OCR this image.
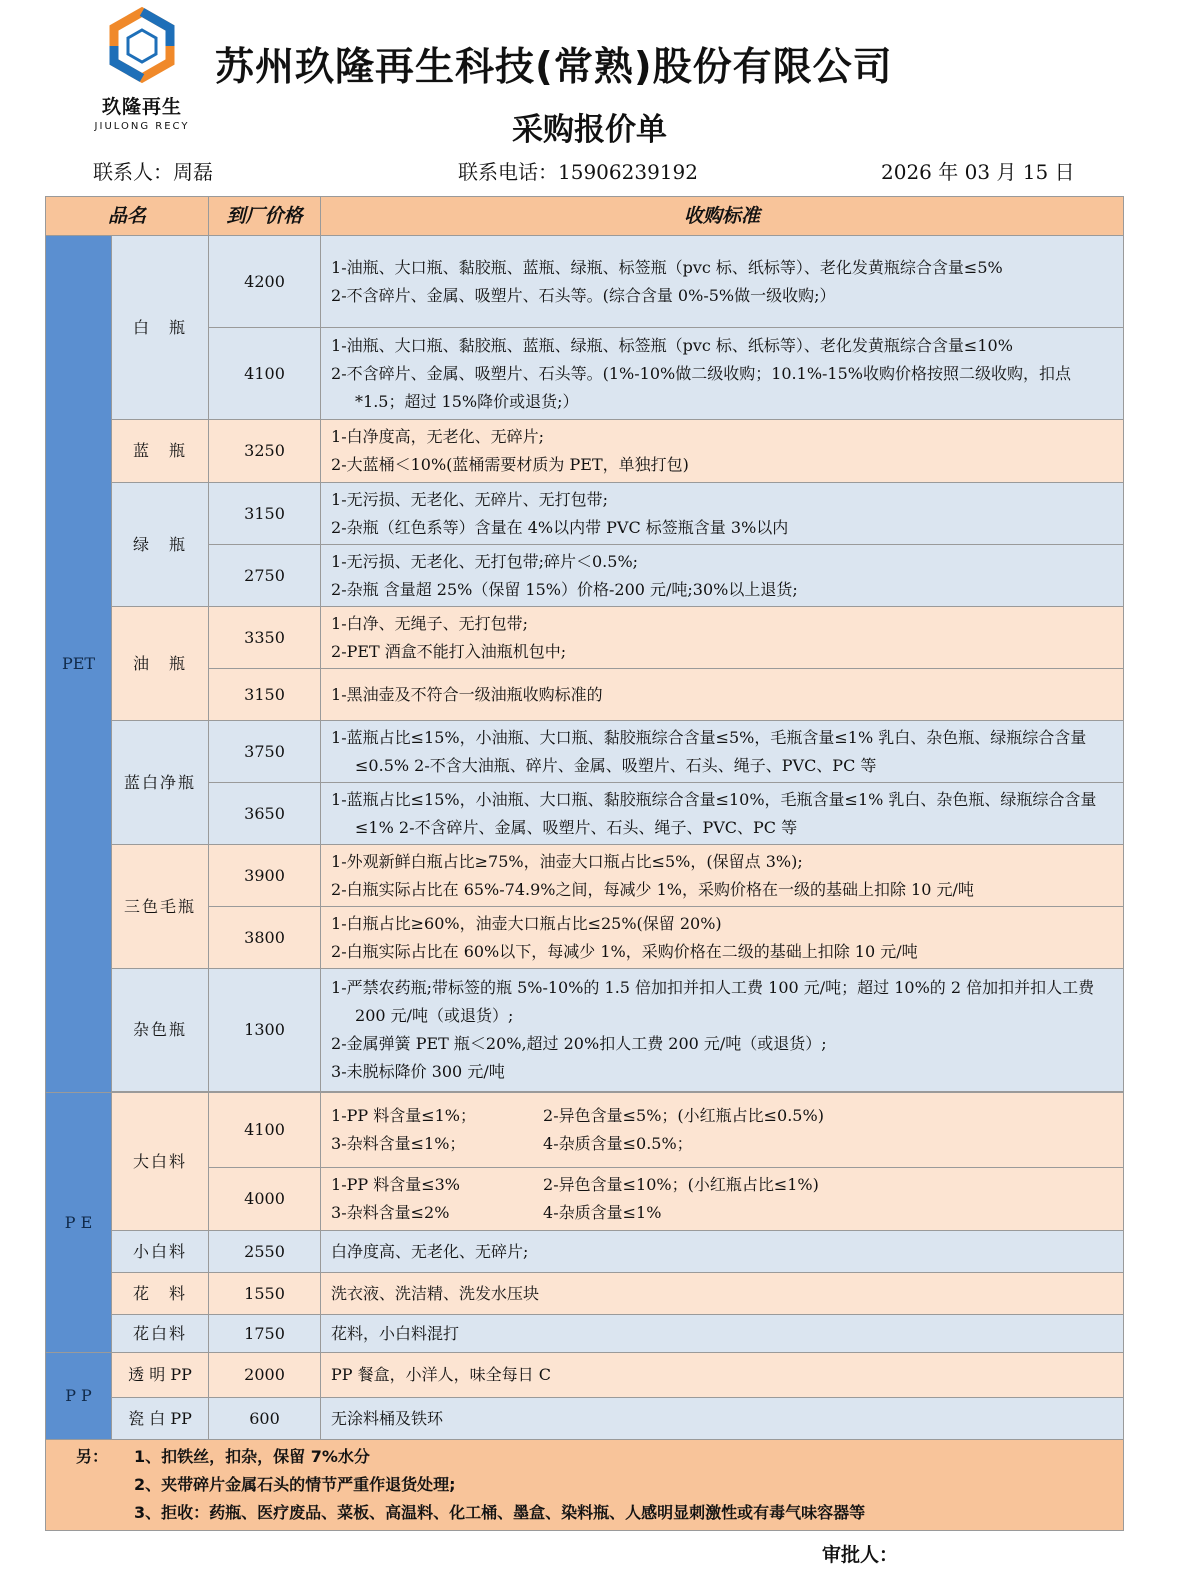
玖隆再生
JIULONG RECY
苏州玖隆再生科技(常熟)股份有限公司
采购报价单
联系人：周磊	联系电话：15906239192	2026 年 03 月 15 日
品名		到厂价格	收购标准
PET	白　瓶	4200	1-油瓶、大口瓶、黏胶瓶、蓝瓶、绿瓶、标签瓶（pvc 标、纸标等）、老化发黄瓶综合含量≤5%
2-不含碎片、金属、吸塑片、石头等。(综合含量 0%-5%做一级收购;）

		4100	1-油瓶、大口瓶、黏胶瓶、蓝瓶、绿瓶、标签瓶（pvc 标、纸标等）、老化发黄瓶综合含量≤10%
2-不含碎片、金属、吸塑片、石头等。(1%-10%做二级收购；10.1%-15%收购价格按照二级收购，扣点*1.5；超过 15%降价或退货;）

	蓝　瓶	3250	1-白净度高，无老化、无碎片;
2-大蓝桶＜10%(蓝桶需要材质为 PET，单独打包)

	绿　瓶	3150	1-无污损、无老化、无碎片、无打包带;
2-杂瓶（红色系等）含量在 4%以内带 PVC 标签瓶含量 3%以内

		2750	1-无污损、无老化、无打包带;碎片＜0.5%;
2-杂瓶 含量超 25%（保留 15%）价格-200 元/吨;30%以上退货;

	油　瓶	3350	1-白净、无绳子、无打包带;
2-PET 酒盒不能打入油瓶机包中;

		3150	1-黑油壶及不符合一级油瓶收购标准的

	蓝白净瓶	3750	1-蓝瓶占比≤15%，小油瓶、大口瓶、黏胶瓶综合含量≤5%，毛瓶含量≤1% 乳白、杂色瓶、绿瓶综合含量≤0.5% 2-不含大油瓶、碎片、金属、吸塑片、石头、绳子、PVC、PC 等

		3650	1-蓝瓶占比≤15%，小油瓶、大口瓶、黏胶瓶综合含量≤10%，毛瓶含量≤1% 乳白、杂色瓶、绿瓶综合含量≤1% 2-不含碎片、金属、吸塑片、石头、绳子、PVC、PC 等

	三色毛瓶	3900	1-外观新鲜白瓶占比≥75%，油壶大口瓶占比≤5%，(保留点 3%);
2-白瓶实际占比在 65%-74.9%之间，每减少 1%，采购价格在一级的基础上扣除 10 元/吨

		3800	1-白瓶占比≥60%，油壶大口瓶占比≤25%(保留 20%)
2-白瓶实际占比在 60%以下，每减少 1%，采购价格在二级的基础上扣除 10 元/吨

	杂色瓶	1300	1-严禁农药瓶;带标签的瓶 5%-10%的 1.5 倍加扣并扣人工费 100 元/吨；超过 10%的 2 倍加扣并扣人工费 200 元/吨（或退货）;
2-金属弹簧 PET 瓶＜20%,超过 20%扣人工费 200 元/吨（或退货）;
3-未脱标降价 300 元/吨

P E	大白料	4100	1-PP 料含量≤1%； 2-异色含量≤5%；(小红瓶占比≤0.5%)
3-杂料含量≤1%； 4-杂质含量≤0.5%；

		4000	1-PP 料含量≤3% 2-异色含量≤10%；(小红瓶占比≤1%)
3-杂料含量≤2% 4-杂质含量≤1%

	小白料	2550	白净度高、无老化、无碎片;
	花　料	1550	洗衣液、洗洁精、洗发水压块
	花白料	1750	花料，小白料混打
P P	透 明 PP	2000	PP 餐盒，小洋人，味全每日 C
	瓷 白 PP	600	无涂料桶及铁环

另： 1、扣铁丝，扣杂，保留 7%水分
2、夹带碎片金属石头的情节严重作退货处理;
3、拒收：药瓶、医疗废品、菜板、高温料、化工桶、墨盒、染料瓶、人感明显刺激性或有毒气味容器等			
审批人：
